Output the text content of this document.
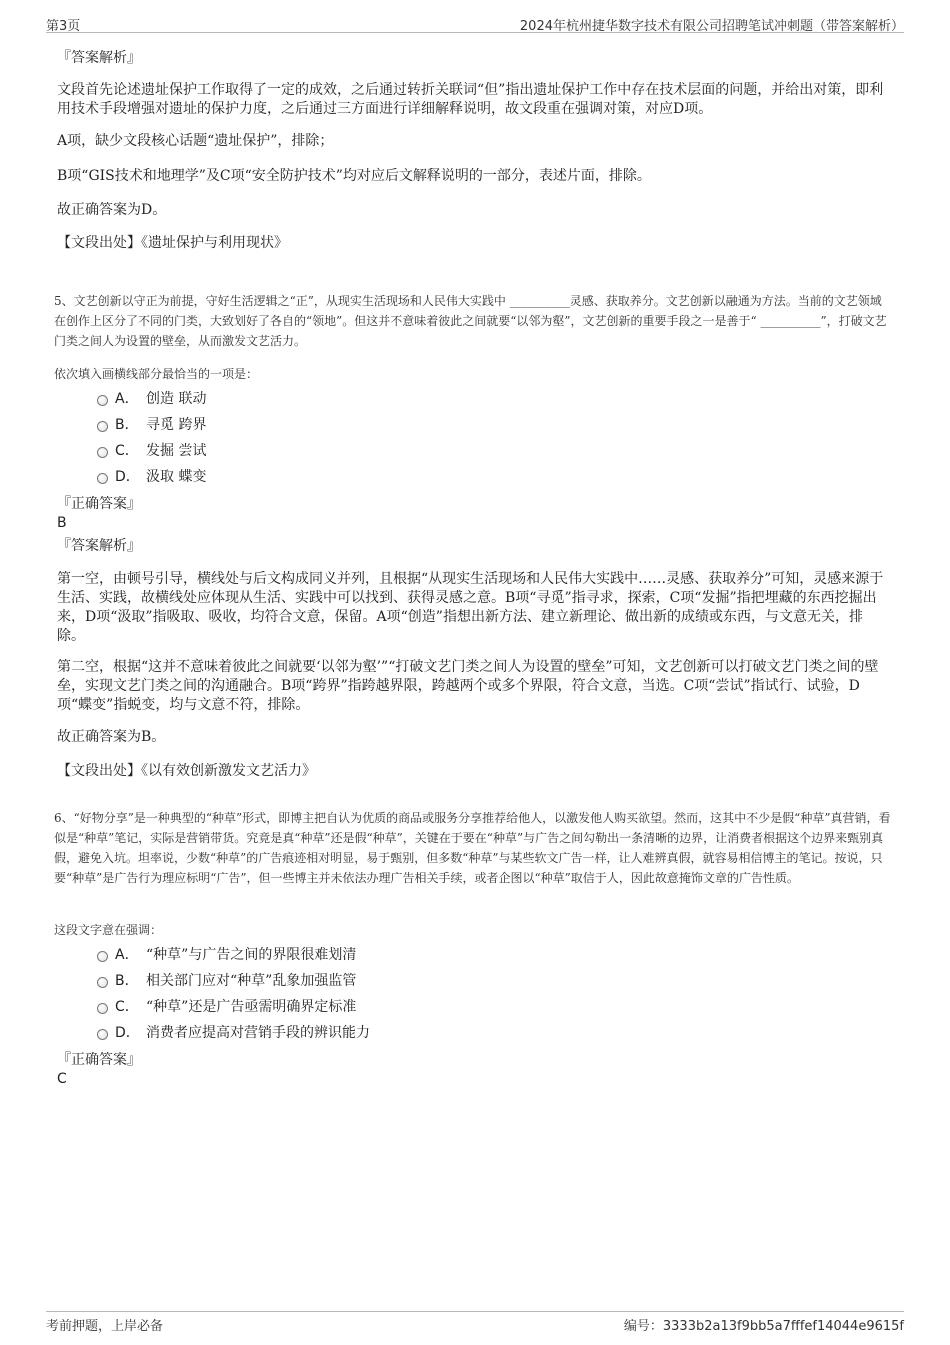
第3页	2024年杭州捷华数字技术有限公司招聘笔试冲刺题（带答案解析）
『答案解析』

文段首先论述遗址保护工作取得了一定的成效，之后通过转折关联词“但”指出遗址保护工作中存在技术层面的问题，并给出对策，即利用技术手段增强对遗址的保护力度，之后通过三方面进行详细解释说明，故文段重在强调对策，对应D项。

A项，缺少文段核心话题“遗址保护”，排除；

B项“GIS技术和地理学”及C项“安全防护技术”均对应后文解释说明的一部分，表述片面，排除。

故正确答案为D。

【文段出处】《遗址保护与利用现状》

5、文艺创新以守正为前提，守好生活逻辑之“正”，从现实生活现场和人民伟大实践中 __________灵感、获取养分。文艺创新以融通为方法。当前的文艺领域在创作上区分了不同的门类，大致划好了各自的“领地”。但这并不意味着彼此之间就要“以邻为壑”，文艺创新的重要手段之一是善于“ __________”，打破文艺门类之间人为设置的壁垒，从而激发文艺活力。

依次填入画横线部分最恰当的一项是：

A． 创造 联动
B． 寻觅 跨界
C． 发掘 尝试
D． 汲取 蝶变
『正确答案』
B
『答案解析』

第一空，由顿号引导，横线处与后文构成同义并列，且根据“从现实生活现场和人民伟大实践中……灵感、获取养分”可知，灵感来源于生活、实践，故横线处应体现从生活、实践中可以找到、获得灵感之意。B项“寻觅”指寻求，探索，C项“发掘”指把埋藏的东西挖掘出来，D项“汲取”指吸取、吸收，均符合文意，保留。A项“创造”指想出新方法、建立新理论、做出新的成绩或东西，与文意无关，排除。

第二空，根据“这并不意味着彼此之间就要‘以邻为壑’”“打破文艺门类之间人为设置的壁垒”可知，文艺创新可以打破文艺门类之间的壁垒，实现文艺门类之间的沟通融合。B项“跨界”指跨越界限，跨越两个或多个界限，符合文意，当选。C项“尝试”指试行、试验，D项“蝶变”指蜕变，均与文意不符，排除。

故正确答案为B。

【文段出处】《以有效创新激发文艺活力》

6、“好物分享”是一种典型的“种草”形式，即博主把自认为优质的商品或服务分享推荐给他人，以激发他人购买欲望。然而，这其中不少是假“种草”真营销，看似是“种草”笔记，实际是营销带货。究竟是真“种草”还是假“种草”，关键在于要在“种草”与广告之间勾勒出一条清晰的边界，让消费者根据这个边界来甄别真假，避免入坑。坦率说，少数“种草”的广告痕迹相对明显，易于甄别，但多数“种草”与某些软文广告一样，让人难辨真假，就容易相信博主的笔记。按说，只要“种草”是广告行为理应标明“广告”，但一些博主并未依法办理广告相关手续，或者企图以“种草”取信于人，因此故意掩饰文章的广告性质。

这段文字意在强调：

A． “种草”与广告之间的界限很难划清
B． 相关部门应对“种草”乱象加强监管
C． “种草”还是广告亟需明确界定标准
D． 消费者应提高对营销手段的辨识能力
『正确答案』
C
考前押题，上岸必备	编号：3333b2a13f9bb5a7fffef14044e9615f
